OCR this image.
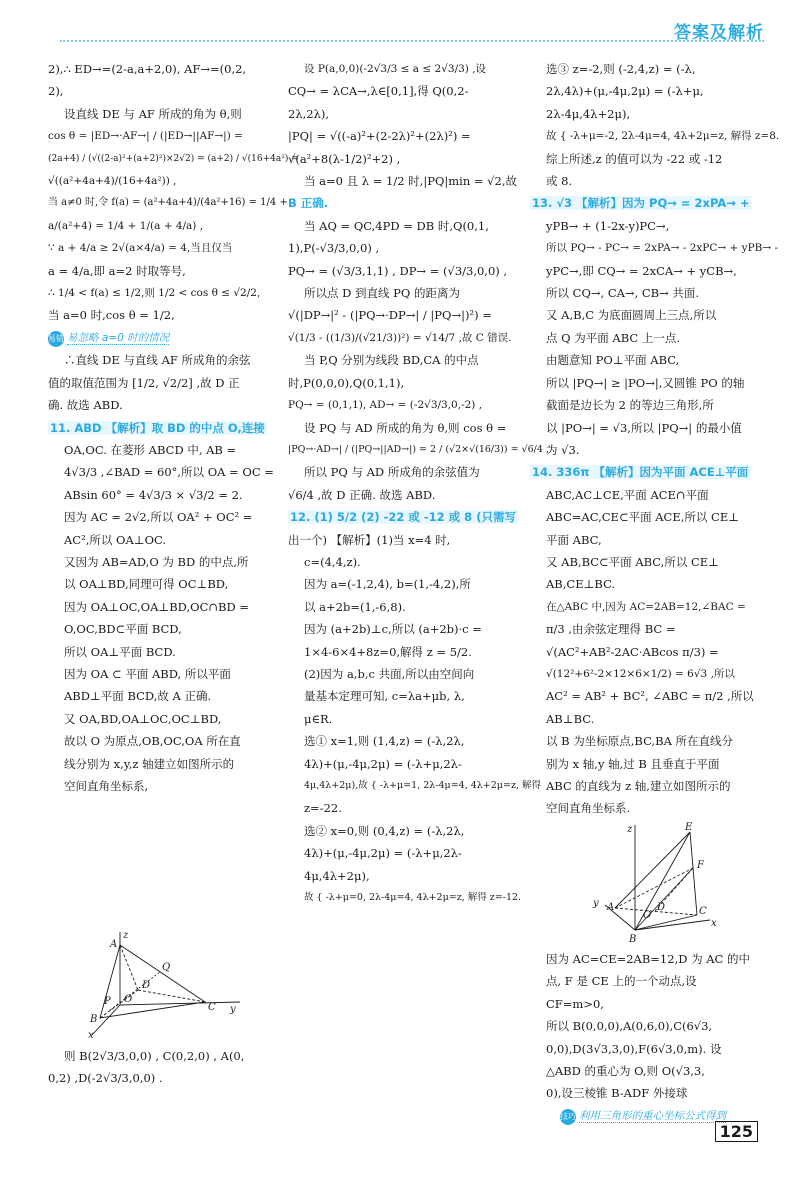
答案及解析
2),∴ ED→=(2-a,a+2,0), AF→=(0,2,
2),
设直线 DE 与 AF 所成的角为 θ,则
cos θ = |ED→·AF→| / (|ED→||AF→|) =
(2a+4) / (√((2-a)²+(a+2)²)×2√2) = (a+2) / √(16+4a²) =
√((a²+4a+4)/(16+4a²)) ,
当 a≠0 时,令 f(a) = (a²+4a+4)/(4a²+16) = 1/4 +
a/(a²+4) = 1/4 + 1/(a + 4/a) ,
∵ a + 4/a ≥ 2√(a×4/a) = 4,当且仅当
a = 4/a,即 a=2 时取等号,
∴ 1/4 < f(a) ≤ 1/2,则 1/2 < cos θ ≤ √2/2,
当 a=0 时,cos θ = 1/2,
易错 易忽略 a=0 时的情况
∴直线 DE 与直线 AF 所成角的余弦
值的取值范围为 [1/2, √2/2] ,故 D 正
确. 故选 ABD.
11. ABD 【解析】取 BD 的中点 O,连接
OA,OC. 在菱形 ABCD 中, AB =
4√3/3 ,∠BAD = 60°,所以 OA = OC =
ABsin 60° = 4√3/3 × √3/2 = 2.
因为 AC = 2√2,所以 OA² + OC² =
AC²,所以 OA⊥OC.
又因为 AB=AD,O 为 BD 的中点,所
以 OA⊥BD,同理可得 OC⊥BD,
因为 OA⊥OC,OA⊥BD,OC∩BD =
O,OC,BD⊂平面 BCD,
所以 OA⊥平面 BCD.
因为 OA ⊂ 平面 ABD, 所以平面
ABD⊥平面 BCD,故 A 正确.
又 OA,BD,OA⊥OC,OC⊥BD,
故以 O 为原点,OB,OC,OA 所在直
线分别为 x,y,z 轴建立如图所示的
空间直角坐标系,
z
A
D
O
P
B
C y
x
Q
则 B(2√3/3,0,0) , C(0,2,0) , A(0,
0,2) ,D(-2√3/3,0,0) .
设 P(a,0,0)(-2√3/3 ≤ a ≤ 2√3/3) ,设
CQ→ = λCA→,λ∈[0,1],得 Q(0,2-
2λ,2λ),
|PQ| = √((-a)²+(2-2λ)²+(2λ)²) =
√(a²+8(λ-1/2)²+2) ,
当 a=0 且 λ = 1/2 时,|PQ|min = √2,故
B 正确.
当 AQ = QC,4PD = DB 时,Q(0,1,
1),P(-√3/3,0,0) ,
PQ→ = (√3/3,1,1) , DP→ = (√3/3,0,0) ,
所以点 D 到直线 PQ 的距离为
√(|DP→|² - (|PQ→·DP→| / |PQ→|)²) =
√(1/3 - ((1/3)/(√21/3))²) = √14/7 ,故 C 错误.
当 P,Q 分别为线段 BD,CA 的中点
时,P(0,0,0),Q(0,1,1),
PQ→ = (0,1,1), AD→ = (-2√3/3,0,-2) ,
设 PQ 与 AD 所成的角为 θ,则 cos θ =
|PQ→·AD→| / (|PQ→||AD→|) = 2 / (√2×√(16/3)) = √6/4 ,
所以 PQ 与 AD 所成角的余弦值为
√6/4 ,故 D 正确. 故选 ABD.
12. (1) 5/2 (2) -22 或 -12 或 8 (只需写
出一个) 【解析】(1)当 x=4 时,
c=(4,4,z).
因为 a=(-1,2,4), b=(1,-4,2),所
以 a+2b=(1,-6,8).
因为 (a+2b)⊥c,所以 (a+2b)·c =
1×4-6×4+8z=0,解得 z = 5/2.
(2)因为 a,b,c 共面,所以由空间向
量基本定理可知, c=λa+μb, λ,
μ∈R.
选① x=1,则 (1,4,z) = (-λ,2λ,
4λ)+(μ,-4μ,2μ) = (-λ+μ,2λ-
4μ,4λ+2μ),故 { -λ+μ=1, 2λ-4μ=4, 4λ+2μ=z, 解得
z=-22.
选② x=0,则 (0,4,z) = (-λ,2λ,
4λ)+(μ,-4μ,2μ) = (-λ+μ,2λ-
4μ,4λ+2μ),
故 { -λ+μ=0, 2λ-4μ=4, 4λ+2μ=z, 解得 z=-12.
选③ z=-2,则 (-2,4,z) = (-λ,
2λ,4λ)+(μ,-4μ,2μ) = (-λ+μ,
2λ-4μ,4λ+2μ),
故 { -λ+μ=-2, 2λ-4μ=4, 4λ+2μ=z, 解得 z=8.
综上所述,z 的值可以为 -22 或 -12
或 8.
13. √3 【解析】因为 PQ→ = 2xPA→ +
yPB→ + (1-2x-y)PC→,
所以 PQ→ - PC→ = 2xPA→ - 2xPC→ + yPB→ -
yPC→,即 CQ→ = 2xCA→ + yCB→,
所以 CQ→, CA→, CB→ 共面.
又 A,B,C 为底面圆周上三点,所以
点 Q 为平面 ABC 上一点.
由题意知 PO⊥平面 ABC,
所以 |PQ→| ≥ |PO→|,又圆锥 PO 的轴
截面是边长为 2 的等边三角形,所
以 |PO→| = √3,所以 |PQ→| 的最小值
为 √3.
14. 336π 【解析】因为平面 ACE⊥平面
ABC,AC⊥CE,平面 ACE∩平面
ABC=AC,CE⊂平面 ACE,所以 CE⊥
平面 ABC,
又 AB,BC⊂平面 ABC,所以 CE⊥
AB,CE⊥BC.
在△ABC 中,因为 AC=2AB=12,∠BAC =
π/3 ,由余弦定理得 BC =
√(AC²+AB²-2AC·ABcos π/3) =
√(12²+6²-2×12×6×1/2) = 6√3 ,所以
AC² = AB² + BC², ∠ABC = π/2 ,所以
AB⊥BC.
以 B 为坐标原点,BC,BA 所在直线分
别为 x 轴,y 轴,过 B 且垂直于平面
ABC 的直线为 z 轴,建立如图所示的
空间直角坐标系.
z	E
F
C
y A	D
O
B
x
因为 AC=CE=2AB=12,D 为 AC 的中
点, F 是 CE 上的一个动点,设
CF=m>0,
所以 B(0,0,0),A(0,6,0),C(6√3,
0,0),D(3√3,3,0),F(6√3,0,m). 设
△ABD 的重心为 O,则 O(√3,3,
0),设三棱锥 B-ADF 外接球
技巧 利用三角形的重心坐标公式得到
125
